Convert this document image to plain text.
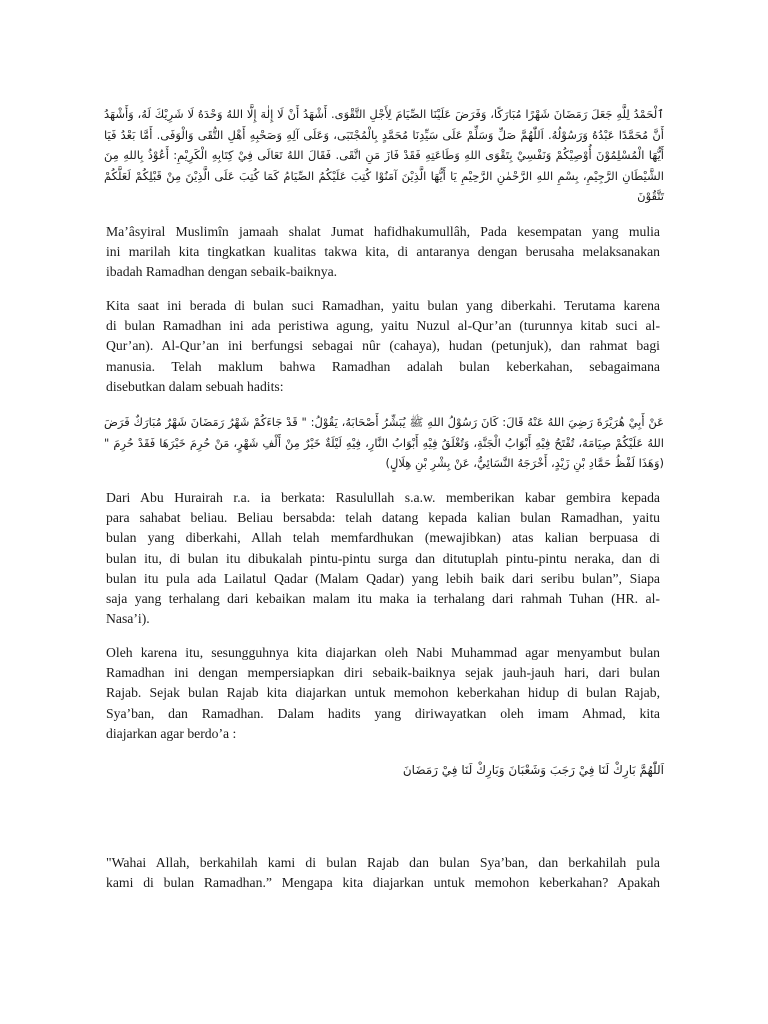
ٱلْحَمْدُ لِلَّهِ جَعَلَ رَمَضَانَ شَهْرًا مُبَارَكًا، وَفَرَضَ عَلَيْنَا الصِّيَامَ لِأَجْلِ التَّقْوَى. أَشْهَدُ أَنْ لَا إِلٰهَ إِلَّا اللهُ وَحْدَهُ لَا شَرِيْكَ لَهُ، وَأَشْهَدُ أَنَّ مُحَمَّدًا عَبْدُهُ وَرَسُوْلُهُ. اَللّٰهُمَّ صَلِّ وَسَلِّمْ عَلَى سَيِّدِنَا مُحَمَّدٍ بِالْمُجْتَبَى، وَعَلَى آلِهِ وَصَحْبِهِ أَهْلِ التُّقَى وَالْوَفَى. أَمَّا بَعْدُ فَيَا أَيُّهَا الْمُسْلِمُوْنَ أُوْصِيْكُمْ وَنَفْسِيْ بِتَقْوَى اللهِ وَطَاعَتِهِ فَقَدْ فَازَ مَنِ اتَّقَى. فَقَالَ اللهُ تَعَالَى فِيْ كِتَابِهِ الْكَرِيْمِ: أَعُوْذُ بِاللهِ مِنَ الشَّيْطَانِ الرَّجِيْمِ، بِسْمِ اللهِ الرَّحْمٰنِ الرَّحِيْمِ يَا أَيُّهَا الَّذِيْنَ آمَنُوْا كُتِبَ عَلَيْكُمُ الصِّيَامُ كَمَا كُتِبَ عَلَى الَّذِيْنَ مِنْ قَبْلِكُمْ لَعَلَّكُمْ تَتَّقُوْنَ

Ma’âsyiral Muslimîn jamaah shalat Jumat hafidhakumullâh, Pada kesempatan yang mulia
ini marilah kita tingkatkan kualitas takwa kita, di antaranya dengan berusaha melaksanakan
ibadah Ramadhan dengan sebaik-baiknya.

Kita saat ini berada di bulan suci Ramadhan, yaitu bulan yang diberkahi. Terutama karena
di bulan Ramadhan ini ada peristiwa agung, yaitu Nuzul al-Qur’an (turunnya kitab suci al-
Qur’an). Al-Qur’an ini berfungsi sebagai nûr (cahaya), hudan (petunjuk), dan rahmat bagi
manusia. Telah maklum bahwa Ramadhan adalah bulan keberkahan, sebagaimana
disebutkan dalam sebuah hadits:

عَنْ أَبِيْ هُرَيْرَةَ رَضِيَ اللهُ عَنْهُ قَالَ: كَانَ رَسُوْلُ اللهِ ﷺ يُبَشِّرُ أَصْحَابَهُ، يَقُوْلُ: " قَدْ جَاءَكُمْ شَهْرُ رَمَضَانَ شَهْرٌ مُبَارَكٌ فَرَضَ اللهُ عَلَيْكُمْ صِيَامَهُ، تُفْتَحُ فِيْهِ أَبْوَابُ الْجَنَّةِ، وَتُغْلَقُ فِيْهِ أَبْوَابُ النَّارِ، فِيْهِ لَيْلَةٌ خَيْرٌ مِنْ أَلْفِ شَهْرٍ، مَنْ حُرِمَ خَيْرَهَا فَقَدْ حُرِمَ " (وَهَذَا لَفْظُ حَمَّادِ بْنِ زَيْدٍ، أَخْرَجَهُ النَّسَائِيُّ، عَنْ بِشْرِ بْنِ هِلَالٍ)

Dari Abu Hurairah r.a. ia berkata: Rasulullah s.a.w. memberikan kabar gembira kepada
para sahabat beliau. Beliau bersabda: telah datang kepada kalian bulan Ramadhan, yaitu
bulan yang diberkahi, Allah telah memfardhukan (mewajibkan) atas kalian berpuasa di
bulan itu, di bulan itu dibukalah pintu-pintu surga dan ditutuplah pintu-pintu neraka, dan di
bulan itu pula ada Lailatul Qadar (Malam Qadar) yang lebih baik dari seribu bulan”, Siapa
saja yang terhalang dari kebaikan malam itu maka ia terhalang dari rahmah Tuhan (HR. al-
Nasa’i).

Oleh karena itu, sesungguhnya kita diajarkan oleh Nabi Muhammad agar menyambut bulan
Ramadhan ini dengan mempersiapkan diri sebaik-baiknya sejak jauh-jauh hari, dari bulan
Rajab. Sejak bulan Rajab kita diajarkan untuk memohon keberkahan hidup di bulan Rajab,
Sya’ban, dan Ramadhan. Dalam hadits yang diriwayatkan oleh imam Ahmad, kita
diajarkan agar berdo’a :

اَللّٰهُمَّ بَارِكْ لَنَا فِيْ رَجَبَ وَشَعْبَانَ وَبَارِكْ لَنَا فِيْ رَمَضَانَ

"Wahai Allah, berkahilah kami di bulan Rajab dan bulan Sya’ban, dan berkahilah pula
kami di bulan Ramadhan.” Mengapa kita diajarkan untuk memohon keberkahan? Apakah
